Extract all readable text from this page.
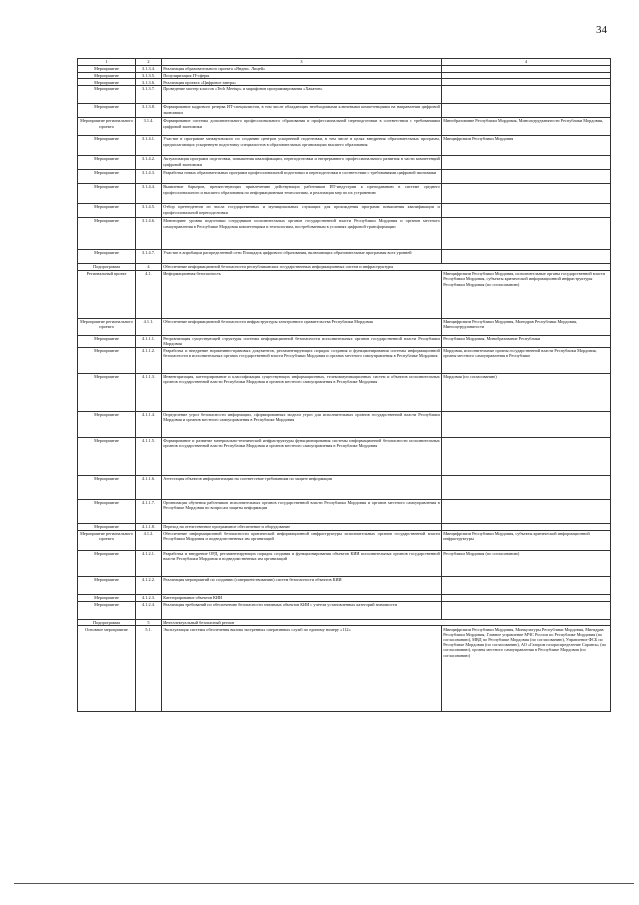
34
1	2	3	4
Мероприятие	3.1.3.4.	Реализация образовательного проекта «Яндекс. Лицей»	
Мероприятие	3.1.3.5.	Популяризация IT-сферы	
Мероприятие	3.1.3.6.	Реализация проекта «Цифровое завтра»	
Мероприятие	3.1.3.7.	Проведение мастер классов «Tech Meetup» и марафонов программирования «Хакатон»	
Мероприятие	3.1.3.8.	Формирование кадрового резерва ИТ-специалистов, в том числе обладающих необходимыми ключевыми компетенциями на направлении цифровой экономики	
Мероприятие регионального проекта	3.1.4.	Формирование системы дополнительного профессионального образования и профессиональной переподготовки в соответствии с требованиями цифровой экономики	Минобразование Республики Мордовия, Минсоцтрудзанятости Республики Мордовия,
Мероприятие	3.1.4.1.	Участие в программе межвузовского по созданию центров ускоренной подготовки, в том числе в целях внедрения образовательных программ, предполагающих ускоренную подготовку специалистов в образовательных организациях высшего образования	Минцифрсвязи Республики Мордовия
Мероприятие	3.1.4.2.	Актуализация программ подготовки, повышения квалификации, переподготовки и непрерывного профессионального развития в части компетенций цифровой экономики	
Мероприятие	3.1.4.3.	Разработка новых образовательных программ профессиональной подготовки и переподготовки в соответствии с требованиями цифровой экономики	
Мероприятие	3.1.4.4.	Выявление барьеров, препятствующих привлечению действующих работников ИТ-индустрии к преподаванию в системе среднего профессионального и высшего образования по информационным технологиям, и реализация мер по их устранению	
Мероприятие	3.1.4.5.	Отбор претендентов из числа государственных и муниципальных служащих для прохождения программ повышения квалификации и профессиональной переподготовки	
Мероприятие	3.1.4.6.	Мониторинг уровня подготовки сотрудников исполнительных органов государственной власти Республики Мордовия и органов местного самоуправления в Республике Мордовия компетенциям и технологиям, востребованным в условиях цифровой трансформации	
Мероприятие	3.1.4.7.	Участие в апробации распределенной сети Площадок цифрового образования, включающих образовательные программы всех уровней	
Подпрограмма	4	Обеспечение информационной безопасности республиканских государственных информационных систем и инфраструктуры	
Региональный проект	4.1.	Информационная безопасность	Минцифрсвязи Республики Мордовия, исполнительные органы государственной власти Республики Мордовия, субъекты критической информационной инфраструктуры Республики Мордовия (по согласованию)
Мероприятие регионального проекта	4.1.1.	Обеспечение информационной безопасности инфраструктуры электронного правительства Республики Мордовия	Минцифрсвязи Республики Мордовия, Минздрав Республики Мордовия, Минсоцтрудзанятости
Мероприятие	4.1.1.1.	Реорганизация существующей структуры системы информационной безопасности исполнительных органов государственной власти Республики Мордовия	Республики Мордовия, Минобразование Республики
Мероприятие	4.1.1.2.	Разработка и внедрение нормативно-правовых документов, регламентирующих порядок создания и функционирования системы информационной безопасности в исполнительных органах государственной власти Республики Мордовия и органах местного самоуправления в Республике Мордовия	Мордовия, исполнительные органы государственной власти Республики Мордовия, органы местного самоуправления в Республике
Мероприятие	4.1.1.3.	Инвентаризация, категорирование и классификация существующих информационных, телекоммуникационных систем и объектов исполнительных органов государственной власти Республики Мордовия и органов местного самоуправления в Республике Мордовия	Мордовия (по согласованию)
Мероприятие	4.1.1.4.	Определение угроз безопасности информации, сформированных модели угроз для исполнительных органов государственной власти Республики Мордовия и органов местного самоуправления в Республике Мордовия	
Мероприятие	4.1.1.5.	Формирование и развитие материально-технической инфраструктуры функционирования системы информационной безопасности исполнительных органов государственной власти Республики Мордовия и органов местного самоуправления в Республике Мордовия	
Мероприятие	4.1.1.6.	Аттестация объектов информатизации на соответствие требованиям по защите информации	
Мероприятие	4.1.1.7.	Организация обучения работников исполнительных органов государственной власти Республики Мордовия и органов местного самоуправления в Республике Мордовия по вопросам защиты информации	
Мероприятие	4.1.1.8.	Переход на отечественное программное обеспечение и оборудование	
Мероприятие регионального проекта	4.1.2.	Обеспечение информационной безопасности критической информационной инфраструктуры исполнительных органов государственной власти Республики Мордовия и подведомственных им организаций	Минцифрсвязи Республики Мордовия, субъекты критической информационной инфраструктуры
Мероприятие	4.1.2.1.	Разработка и внедрение ОРД, регламентирующих порядок создания и функционирования объектов КИИ исполнительных органов государственной власти Республики Мордовия и подведомственных им организаций	Республики Мордовия (по согласованию)
Мероприятие	4.1.2.2.	Реализация мероприятий по созданию (совершенствованию) систем безопасности объектов КИИ	
Мероприятие	4.1.2.3.	Категорирование объектов КИИ	
Мероприятие	4.1.2.4.	Реализация требований по обеспечению безопасности значимых объектов КИИ с учетом установленных категорий значимости	
Подпрограмма	5	Интеллектуальный безопасный регион	
Основное мероприятие	5.1.	Эксплуатация системы обеспечения вызова экстренных оперативных служб по единому номеру «112»	Минцифрсвязи Республики Мордовия, Минкультуры Республики Мордовия, Минздрав Республики Мордовия, Главное управление МЧС России по Республике Мордовия (по согласованию), МВД по Республике Мордовия (по согласованию), Управление ФСБ по Республике Мордовия (по согласованию), АО «Газпром газораспределение Саранск» (по согласованию), органы местного самоуправления в Республике Мордовия (по согласованию)
